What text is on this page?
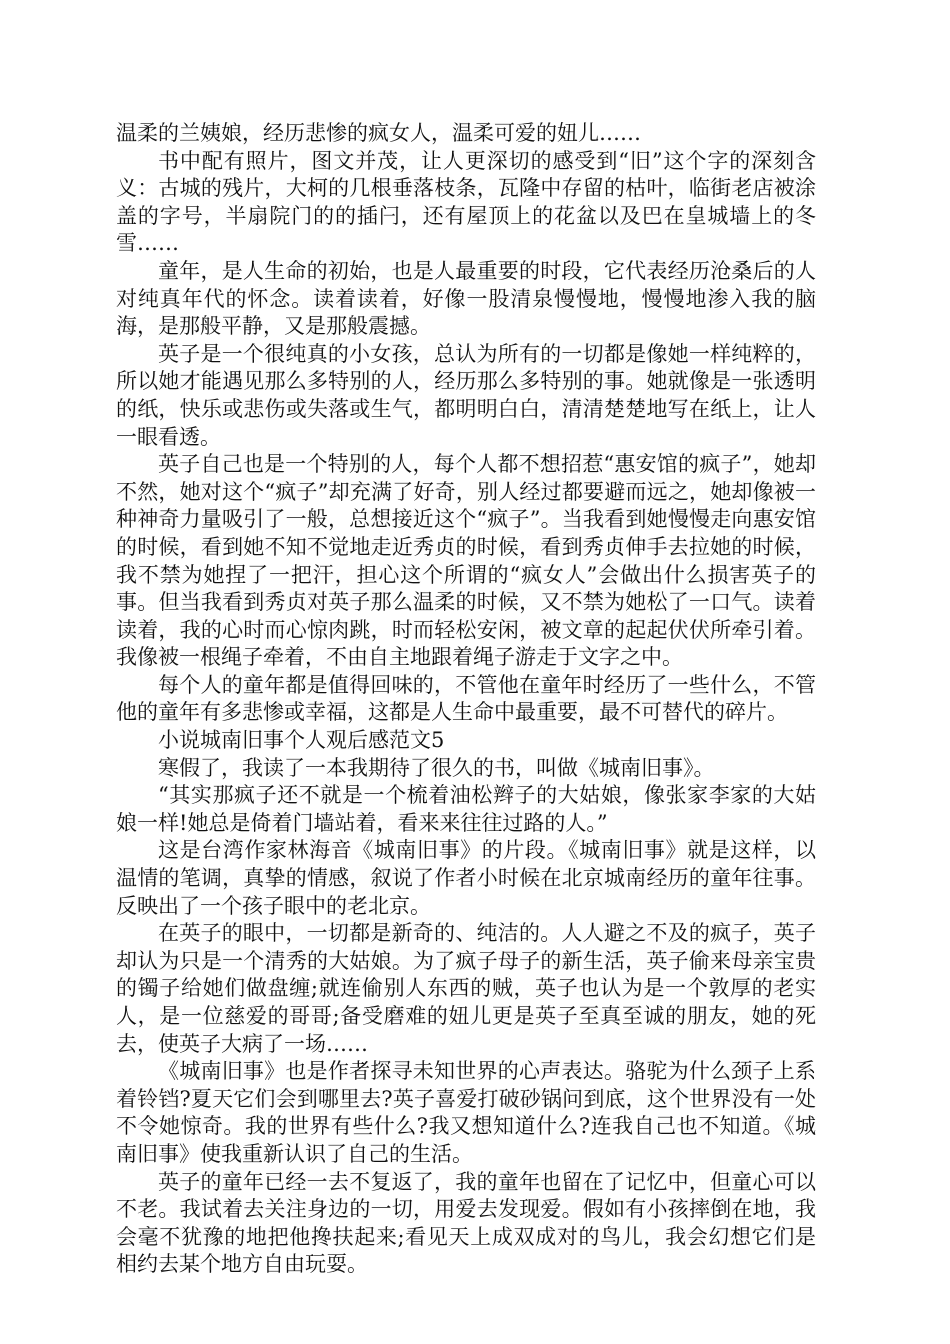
温柔的兰姨娘，经历悲惨的疯女人，温柔可爱的妞儿……

书中配有照片，图文并茂，让人更深切的感受到“旧”这个字的深刻含义：古城的残片，大柯的几根垂落枝条，瓦隆中存留的枯叶，临街老店被涂盖的字号，半扇院门的的插闩，还有屋顶上的花盆以及巴在皇城墙上的冬雪……

童年，是人生命的初始，也是人最重要的时段，它代表经历沧桑后的人对纯真年代的怀念。读着读着，好像一股清泉慢慢地，慢慢地渗入我的脑海，是那般平静，又是那般震撼。

英子是一个很纯真的小女孩，总认为所有的一切都是像她一样纯粹的，所以她才能遇见那么多特别的人，经历那么多特别的事。她就像是一张透明的纸，快乐或悲伤或失落或生气，都明明白白，清清楚楚地写在纸上，让人一眼看透。

英子自己也是一个特别的人，每个人都不想招惹“惠安馆的疯子”，她却不然，她对这个“疯子”却充满了好奇，别人经过都要避而远之，她却像被一种神奇力量吸引了一般，总想接近这个“疯子”。当我看到她慢慢走向惠安馆的时候，看到她不知不觉地走近秀贞的时候，看到秀贞伸手去拉她的时候，我不禁为她捏了一把汗，担心这个所谓的“疯女人”会做出什么损害英子的事。但当我看到秀贞对英子那么温柔的时候，又不禁为她松了一口气。读着读着，我的心时而心惊肉跳，时而轻松安闲，被文章的起起伏伏所牵引着。我像被一根绳子牵着，不由自主地跟着绳子游走于文字之中。

每个人的童年都是值得回味的，不管他在童年时经历了一些什么，不管他的童年有多悲惨或幸福，这都是人生命中最重要，最不可替代的碎片。

小说城南旧事个人观后感范文5

寒假了，我读了一本我期待了很久的书，叫做《城南旧事》。

“其实那疯子还不就是一个梳着油松辫子的大姑娘，像张家李家的大姑娘一样!她总是倚着门墙站着，看来来往往过路的人。”

这是台湾作家林海音《城南旧事》的片段。《城南旧事》就是这样，以温情的笔调，真挚的情感，叙说了作者小时候在北京城南经历的童年往事。反映出了一个孩子眼中的老北京。

在英子的眼中，一切都是新奇的、纯洁的。人人避之不及的疯子，英子却认为只是一个清秀的大姑娘。为了疯子母子的新生活，英子偷来母亲宝贵的镯子给她们做盘缠;就连偷别人东西的贼，英子也认为是一个敦厚的老实人，是一位慈爱的哥哥;备受磨难的妞儿更是英子至真至诚的朋友，她的死去，使英子大病了一场……

《城南旧事》也是作者探寻未知世界的心声表达。骆驼为什么颈子上系着铃铛?夏天它们会到哪里去?英子喜爱打破砂锅问到底，这个世界没有一处不令她惊奇。我的世界有些什么?我又想知道什么?连我自己也不知道。《城南旧事》使我重新认识了自己的生活。

英子的童年已经一去不复返了，我的童年也留在了记忆中，但童心可以不老。我试着去关注身边的一切，用爱去发现爱。假如有小孩摔倒在地，我会毫不犹豫的地把他搀扶起来;看见天上成双成对的鸟儿，我会幻想它们是相约去某个地方自由玩耍。
